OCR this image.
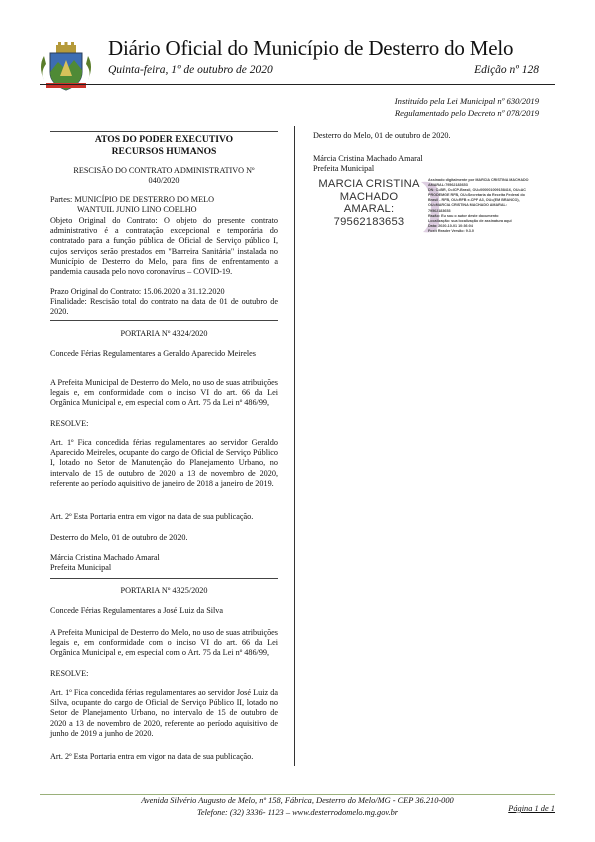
Diário Oficial do Município de Desterro do Melo
Quinta-feira, 1º de outubro de 2020	Edição nº 128
Instituído pela Lei Municipal nº 630/2019
Regulamentado pelo Decreto nº 078/2019
ATOS DO PODER EXECUTIVO
RECURSOS HUMANOS
RESCISÃO DO CONTRATO ADMINISTRATIVO Nº
040/2020
Partes: MUNICÍPIO DE DESTERRO DO MELO
WANTUIL JUNIO LINO COELHO
Objeto Original do Contrato: O objeto do presente contrato administrativo é a contratação excepcional e temporária do contratado para a função pública de Oficial de Serviço público I, cujos serviços serão prestados em "Barreira Sanitária" instalada no Município de Desterro do Melo, para fins de enfrentamento a pandemia causada pelo novo coronavírus – COVID-19.
Prazo Original do Contrato: 15.06.2020 a 31.12.2020
Finalidade: Rescisão total do contrato na data de 01 de outubro de 2020.
PORTARIA Nº 4324/2020
Concede Férias Regulamentares a Geraldo Aparecido Meireles
A Prefeita Municipal de Desterro do Melo, no uso de suas atribuições legais e, em conformidade com o inciso VI do art. 66 da Lei Orgânica Municipal e, em especial com o Art. 75 da Lei nº 486/99,
RESOLVE:
Art. 1º Fica concedida férias regulamentares ao servidor Geraldo Aparecido Meireles, ocupante do cargo de Oficial de Serviço Público I, lotado no Setor de Manutenção do Planejamento Urbano, no intervalo de 15 de outubro de 2020 a 13 de novembro de 2020, referente ao período aquisitivo de janeiro de 2018 a janeiro de 2019.
Art. 2º Esta Portaria entra em vigor na data de sua publicação.
Desterro do Melo, 01 de outubro de 2020.
Márcia Cristina Machado Amaral
Prefeita Municipal
PORTARIA Nº 4325/2020
Concede Férias Regulamentares a José Luiz da Silva
A Prefeita Municipal de Desterro do Melo, no uso de suas atribuições legais e, em conformidade com o inciso VI do art. 66 da Lei Orgânica Municipal e, em especial com o Art. 75 da Lei nº 486/99,
RESOLVE:
Art. 1º Fica concedida férias regulamentares ao servidor José Luiz da Silva, ocupante do cargo de Oficial de Serviço Público II, lotado no Setor de Planejamento Urbano, no intervalo de 15 de outubro de 2020 a 13 de novembro de 2020, referente ao período aquisitivo de junho de 2019 a junho de 2020.
Art. 2º Esta Portaria entra em vigor na data de sua publicação.
Desterro do Melo, 01 de outubro de 2020.
Márcia Cristina Machado Amaral
Prefeita Municipal
MARCIA CRISTINA
MACHADO
AMARAL:
79562183653
Assinado digitalmente por MARCIA CRISTINA MACHADO
AMARAL:79562183653
DN: C=BR, O=ICP-Brasil, OU=000001009158416, OU=AC
PRODEMGE RFB, OU=Secretaria da Receita Federal do
Brasil - RFB, OU=RFB e-CPF A3, OU=(EM BRANCO),
OU=MARCIA CRISTINA MACHADO AMARAL:
79562183653
Razão: Eu sou o autor deste documento
Localização: sua localização de assinatura aqui
Data: 2020-10-01 10:36:04
Foxit Reader Versão: 9.3.0
Avenida Silvério Augusto de Melo, nº 158, Fábrica, Desterro do Melo/MG - CEP 36.210-000
Telefone: (32) 3336- 1123 – www.desterrodomelo.mg.gov.br	Página 1 de 1
